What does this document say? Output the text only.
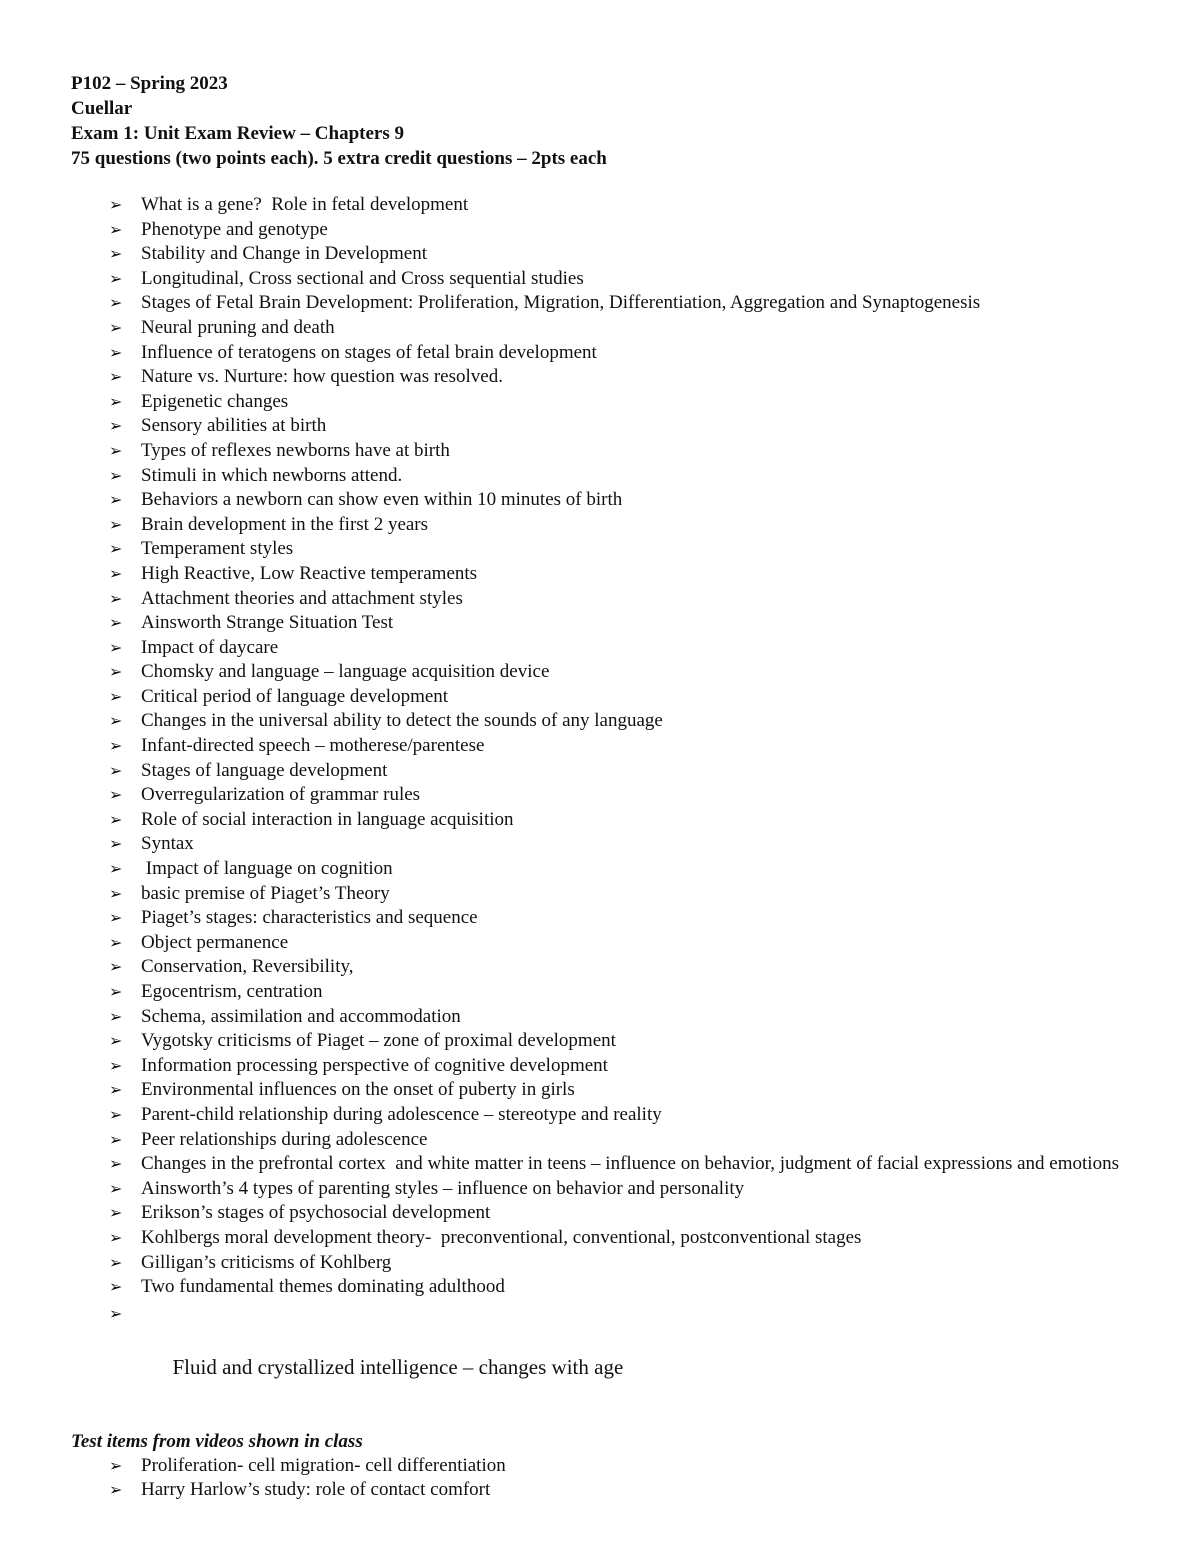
P102 – Spring 2023
Cuellar
Exam 1: Unit Exam Review – Chapters 9
75 questions (two points each). 5 extra credit questions – 2pts each
➢ What is a gene?  Role in fetal development
➢ Phenotype and genotype
➢ Stability and Change in Development
➢ Longitudinal, Cross sectional and Cross sequential studies
➢ Stages of Fetal Brain Development: Proliferation, Migration, Differentiation, Aggregation and Synaptogenesis
➢ Neural pruning and death
➢ Influence of teratogens on stages of fetal brain development
➢ Nature vs. Nurture: how question was resolved.
➢ Epigenetic changes
➢ Sensory abilities at birth
➢ Types of reflexes newborns have at birth
➢ Stimuli in which newborns attend.
➢ Behaviors a newborn can show even within 10 minutes of birth
➢ Brain development in the first 2 years
➢ Temperament styles
➢ High Reactive, Low Reactive temperaments
➢ Attachment theories and attachment styles
➢ Ainsworth Strange Situation Test
➢ Impact of daycare
➢ Chomsky and language – language acquisition device
➢ Critical period of language development
➢ Changes in the universal ability to detect the sounds of any language
➢ Infant-directed speech – motherese/parentese
➢ Stages of language development
➢ Overregularization of grammar rules
➢ Role of social interaction in language acquisition
➢ Syntax
➢ Impact of language on cognition
➢ basic premise of Piaget’s Theory
➢ Piaget’s stages: characteristics and sequence
➢ Object permanence
➢ Conservation, Reversibility,
➢ Egocentrism, centration
➢ Schema, assimilation and accommodation
➢ Vygotsky criticisms of Piaget – zone of proximal development
➢ Information processing perspective of cognitive development
➢ Environmental influences on the onset of puberty in girls
➢ Parent-child relationship during adolescence – stereotype and reality
➢ Peer relationships during adolescence
➢ Changes in the prefrontal cortex  and white matter in teens – influence on behavior, judgment of facial expressions and emotions
➢ Ainsworth’s 4 types of parenting styles – influence on behavior and personality
➢ Erikson’s stages of psychosocial development
➢ Kohlbergs moral development theory-  preconventional, conventional, postconventional stages
➢ Gilligan’s criticisms of Kohlberg
➢ Two fundamental themes dominating adulthood

➢

Fluid and crystallized intelligence – changes with age

Test items from videos shown in class
➢ Proliferation- cell migration- cell differentiation
➢ Harry Harlow’s study: role of contact comfort
